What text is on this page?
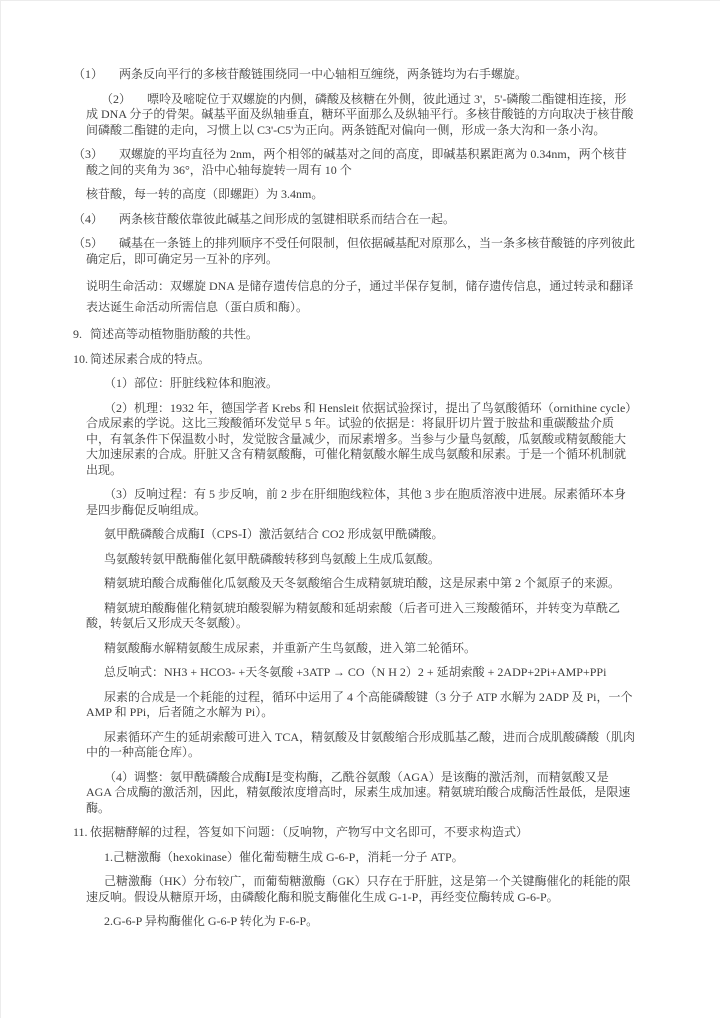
（1） 两条反向平行的多核苷酸链围绕同一中心轴相互缠绕，两条链均为右手螺旋。

（2） 嘌呤及嘧啶位于双螺旋的内侧，磷酸及核糖在外侧，彼此通过 3'，5'-磷酸二酯键相连接，形成 DNA 分子的骨架。碱基平面及纵轴垂直，糖环平面那么及纵轴平行。多核苷酸链的方向取决于核苷酸间磷酸二酯键的走向，习惯上以 C3'-C5'为正向。两条链配对偏向一侧，形成一条大沟和一条小沟。

（3） 双螺旋的平均直径为 2nm，两个相邻的碱基对之间的高度，即碱基积累距离为 0.34nm，两个核苷酸之间的夹角为 36°，沿中心轴每旋转一周有 10 个

核苷酸，每一转的高度（即螺距）为 3.4nm。

（4） 两条核苷酸依靠彼此碱基之间形成的氢键相联系而结合在一起。

（5） 碱基在一条链上的排列顺序不受任何限制，但依据碱基配对原那么，当一条多核苷酸链的序列彼此确定后，即可确定另一互补的序列。

说明生命活动：双螺旋 DNA 是储存遗传信息的分子，通过半保存复制，储存遗传信息，通过转录和翻译表达诞生命活动所需信息（蛋白质和酶）。

9. 简述高等动植物脂肪酸的共性。

10. 简述尿素合成的特点。

（1）部位：肝脏线粒体和胞液。

（2）机理：1932 年，德国学者 Krebs 和 Hensleit 依据试验探讨，提出了鸟氨酸循环（ornithine cycle）合成尿素的学说。这比三羧酸循环发觉早 5 年。试验的依据是：将鼠肝切片置于胺盐和重碳酸盐介质中，有氧条件下保温数小时，发觉胺含量减少，而尿素增多。当参与少量鸟氨酸，瓜氨酸或精氨酸能大大加速尿素的合成。肝脏又含有精氨酸酶，可催化精氨酸水解生成鸟氨酸和尿素。于是一个循环机制就出现。

（3）反响过程：有 5 步反响，前 2 步在肝细胞线粒体，其他 3 步在胞质溶液中进展。尿素循环本身是四步酶促反响组成。

氨甲酰磷酸合成酶Ⅰ（CPS-Ⅰ）激活氨结合 CO2 形成氨甲酰磷酸。

鸟氨酸转氨甲酰酶催化氨甲酰磷酸转移到鸟氨酸上生成瓜氨酸。

精氨琥珀酸合成酶催化瓜氨酸及天冬氨酸缩合生成精氨琥珀酸，这是尿素中第 2 个氮原子的来源。

精氨琥珀酸酶催化精氨琥珀酸裂解为精氨酸和延胡索酸（后者可进入三羧酸循环，并转变为草酰乙酸，转氨后又形成天冬氨酸）。

精氨酸酶水解精氨酸生成尿素，并重新产生鸟氨酸，进入第二轮循环。

总反响式：NH3 + HCO3- +天冬氨酸 +3ATP → CO（N H 2）2 + 延胡索酸 + 2ADP+2Pi+AMP+PPi

尿素的合成是一个耗能的过程，循环中运用了 4 个高能磷酸键（3 分子 ATP 水解为 2ADP 及 Pi，一个 AMP 和 PPi，后者随之水解为 Pi）。

尿素循环产生的延胡索酸可进入 TCA，精氨酸及甘氨酸缩合形成胍基乙酸，进而合成肌酸磷酸（肌肉中的一种高能仓库）。

（4）调整：氨甲酰磷酸合成酶Ⅰ是变构酶，乙酰谷氨酸（AGA）是该酶的激活剂，而精氨酸又是 AGA 合成酶的激活剂，因此，精氨酸浓度增高时，尿素生成加速。精氨琥珀酸合成酶活性最低，是限速酶。

11. 依据糖酵解的过程，答复如下问题：（反响物，产物写中文名即可，不要求构造式）

1.己糖激酶（hexokinase）催化葡萄糖生成 G-6-P，消耗一分子 ATP。

己糖激酶（HK）分布较广，而葡萄糖激酶（GK）只存在于肝脏，这是第一个关键酶催化的耗能的限速反响。假设从糖原开场，由磷酸化酶和脱支酶催化生成 G-1-P，再经变位酶转成 G-6-P。

2.G-6-P 异构酶催化 G-6-P 转化为 F-6-P。
